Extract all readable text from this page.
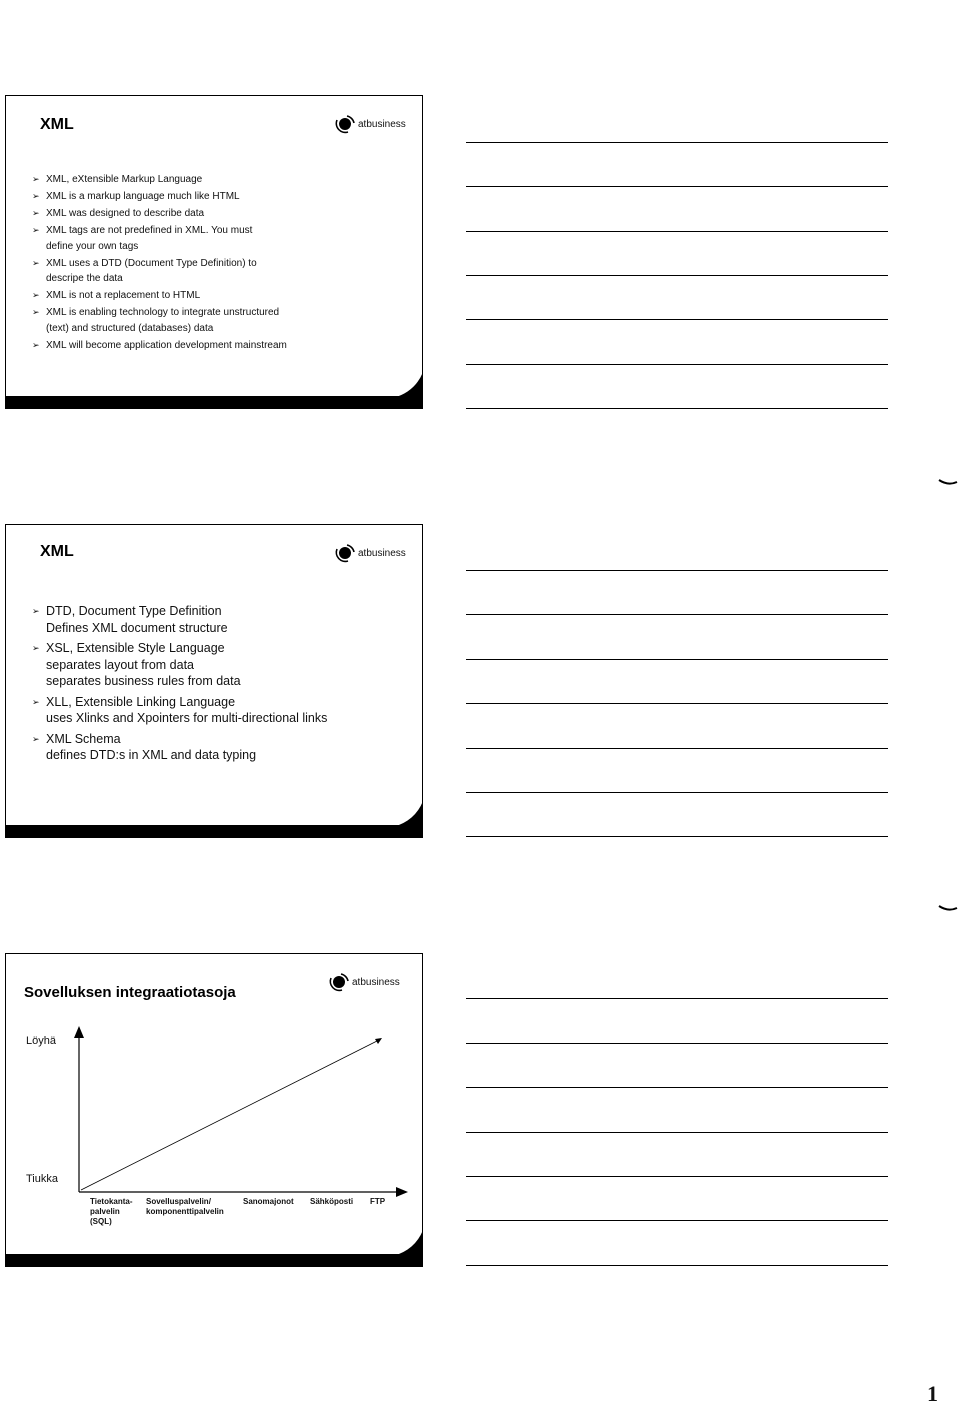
XML	atbusiness
➢ XML, eXtensible Markup Language
➢ XML is a markup language much like HTML
➢ XML was designed to describe data
➢ XML tags are not predefined in XML. You must
define your own tags
➢ XML uses a DTD (Document Type Definition) to
descripe the data
➢ XML is not a replacement to HTML
➢ XML is enabling technology to integrate unstructured
(text) and structured (databases) data
➢ XML will become application development mainstream
XML	atbusiness
➢ DTD, Document Type Definition
Defines XML document structure
➢ XSL, Extensible Style Language
separates layout from data
separates business rules from data
➢ XLL, Extensible Linking Language
uses Xlinks and Xpointers for multi-directional links
➢ XML Schema
defines DTD:s in XML and data typing
Sovelluksen integraatiotasoja
atbusiness
Löyhä
Tiukka
Tietokanta-
palvelin
(SQL)
Sovelluspalvelin/
komponenttipalvelin
Sanomajonot Sähköposti FTP
1
